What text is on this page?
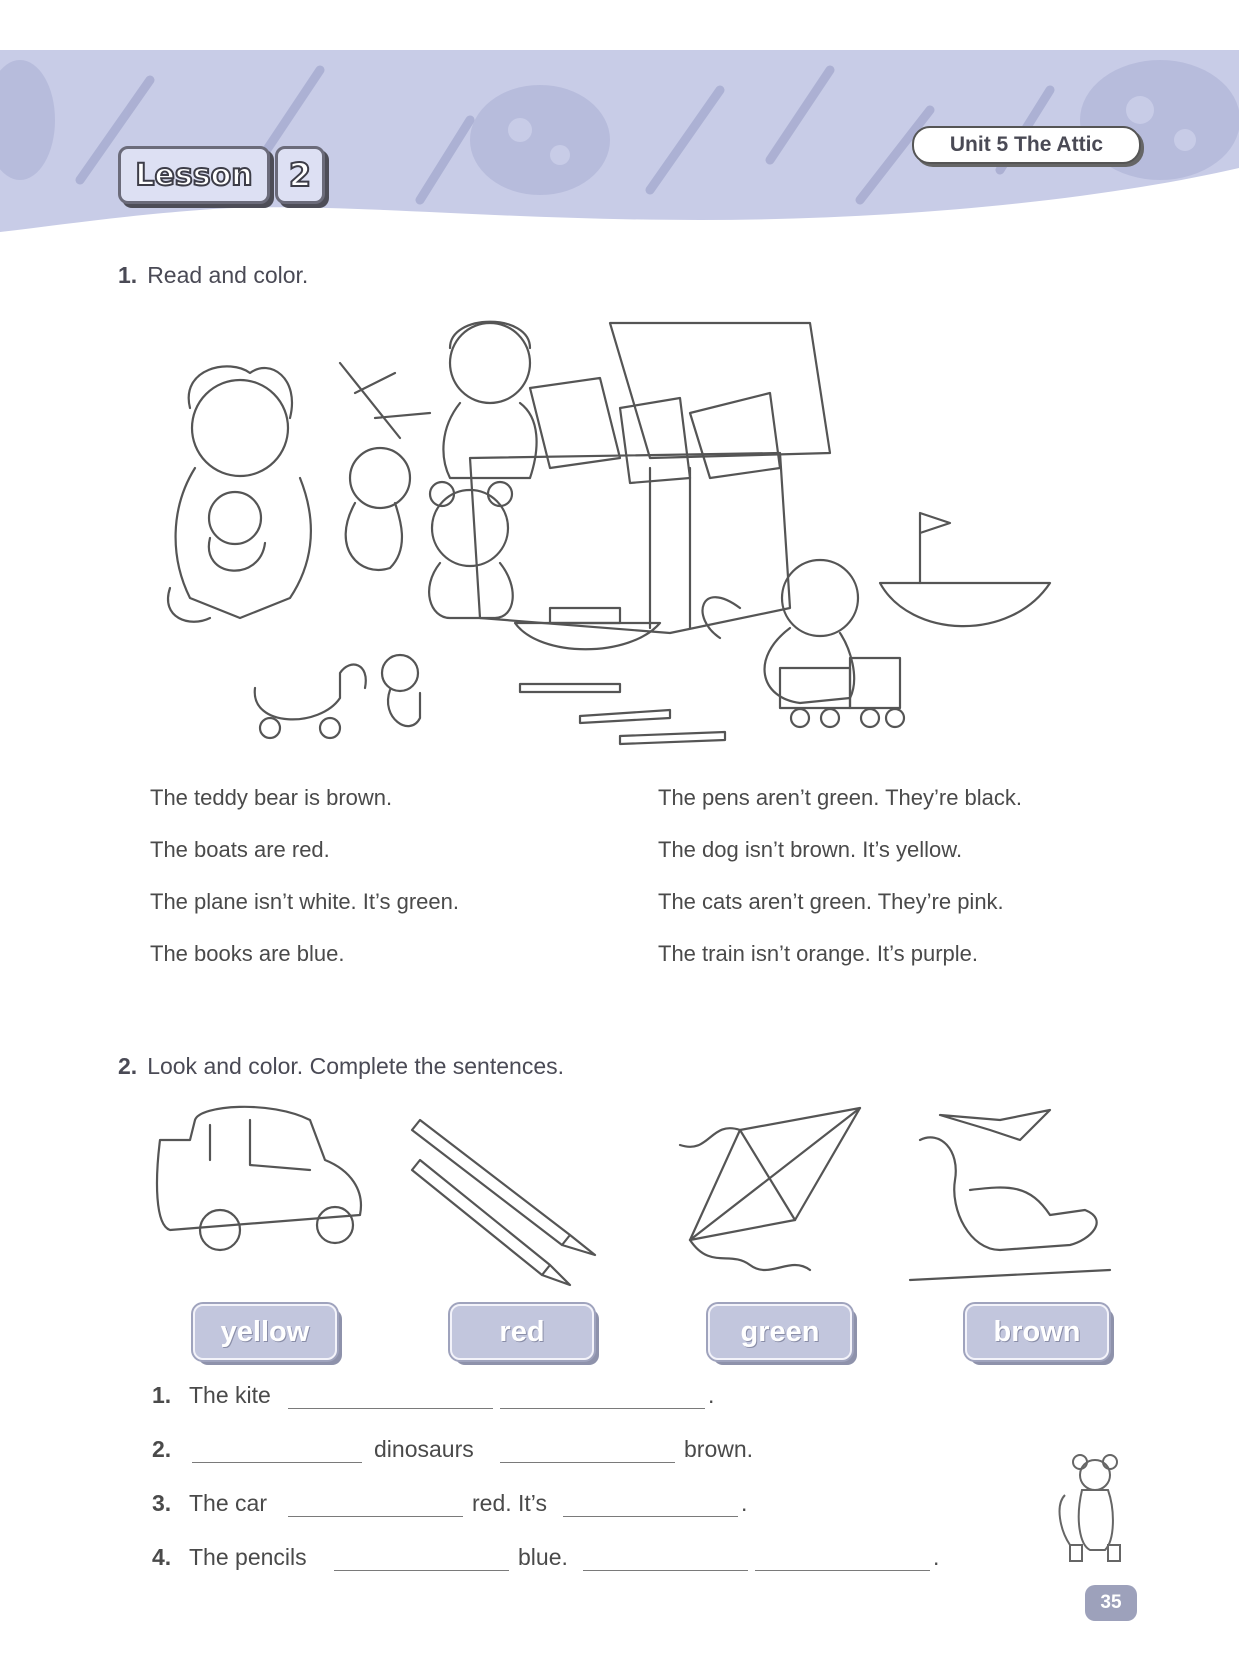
Lesson	2
Unit 5 The Attic
1. Read and color.
The teddy bear is brown.
The boats are red.
The plane isn’t white. It’s green.
The books are blue.
The pens aren’t green. They’re black.
The dog isn’t brown. It’s yellow.
The cats aren’t green. They’re pink.
The train isn’t orange. It’s purple.
2. Look and color. Complete the sentences.
yellow	red	green	brown
1. The kite	.
2.	dinosaurs	brown.
3. The car	red. It’s	.
4. The pencils	blue.	.
35
